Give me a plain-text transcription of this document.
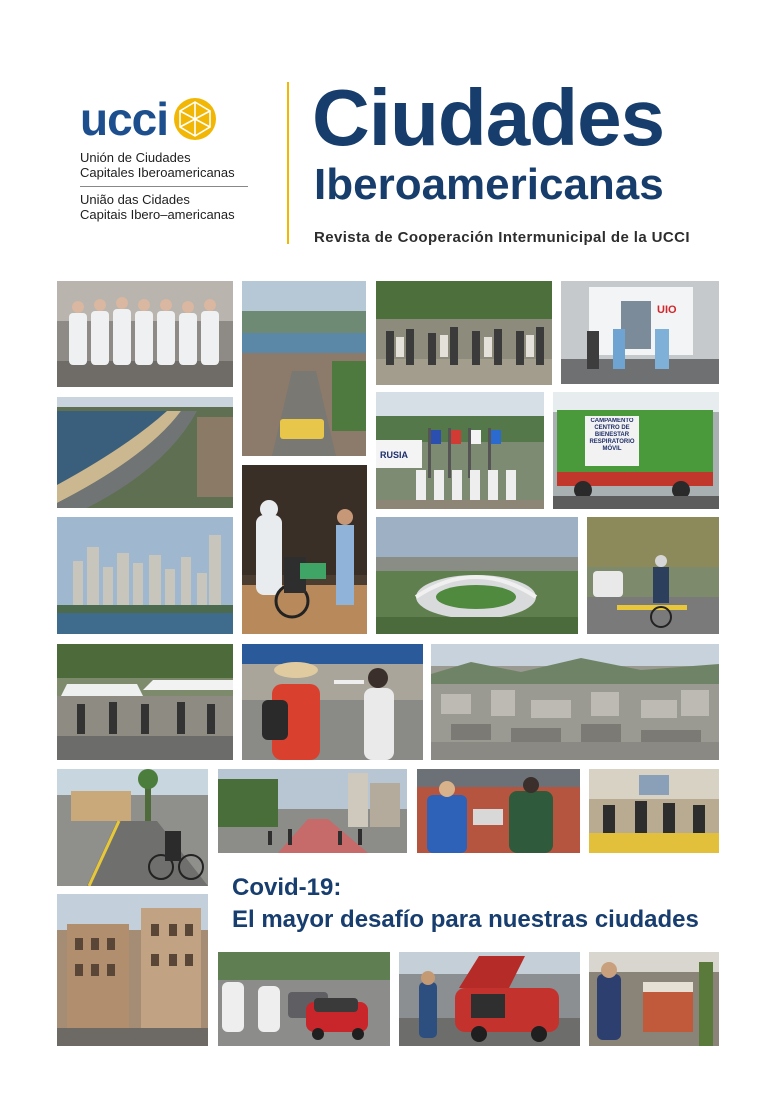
ucci
Unión de Ciudades
Capitales Iberoamericanas
União das Cidades
Capitais Ibero–americanas
Ciudades
Iberoamericanas
Revista de Cooperación Intermunicipal de la UCCI
UIO
RUSIA
CAMPAMENTO CENTRO DE BIENESTAR RESPIRATORIO MÓVIL
Covid-19:
El mayor desafío para nuestras ciudades
